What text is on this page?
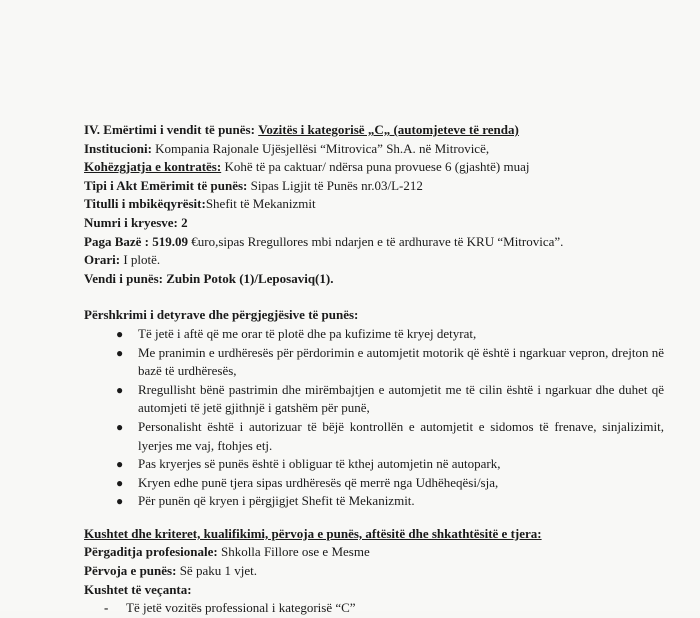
IV. Emërtimi i vendit të punës: Vozitës i kategorisë „C„ (automjeteve të renda)
Institucioni: Kompania Rajonale Ujësjellësi “Mitrovica” Sh.A. në Mitrovicë,
Kohëzgjatja e kontratës: Kohë të pa caktuar/ ndërsa puna provuese 6 (gjashtë) muaj
Tipi i Akt Emërimit të punës: Sipas Ligjit të Punës nr.03/L-212
Titulli i mbikëqyrësit:Shefit të Mekanizmit
Numri i kryesve: 2
Paga Bazë : 519.09 €uro,sipas Rregullores mbi ndarjen e të ardhurave të KRU “Mitrovica”.
Orari: I plotë.
Vendi i punës: Zubin Potok (1)/Leposaviq(1).
Përshkrimi i detyrave dhe përgjegjësive të punës:
● Të jetë i aftë që me orar të plotë dhe pa kufizime të kryej detyrat,
● Me pranimin e urdhëresës për përdorimin e automjetit motorik që është i ngarkuar vepron, drejton në bazë të urdhëresës,
● Rregullisht bënë pastrimin dhe mirëmbajtjen e automjetit me të cilin është i ngarkuar dhe duhet që automjeti të jetë gjithnjë i gatshëm për punë,
● Personalisht është i autorizuar të bëjë kontrollën e automjetit e sidomos të frenave, sinjalizimit, lyerjes me vaj, ftohjes etj.
● Pas kryerjes së punës është i obliguar të kthej automjetin në autopark,
● Kryen edhe punë tjera sipas urdhëresës që merrë nga Udhëheqësi/sja,
● Për punën që kryen i përgjigjet Shefit të Mekanizmit.
Kushtet dhe kriteret, kualifikimi, përvoja e punës, aftësitë dhe shkathtësitë e tjera:
Përgaditja profesionale: Shkolla Fillore ose e Mesme
Përvoja e punës: Së paku 1 vjet.
Kushtet të veçanta:
- Të jetë vozitës professional i kategorisë “C”
